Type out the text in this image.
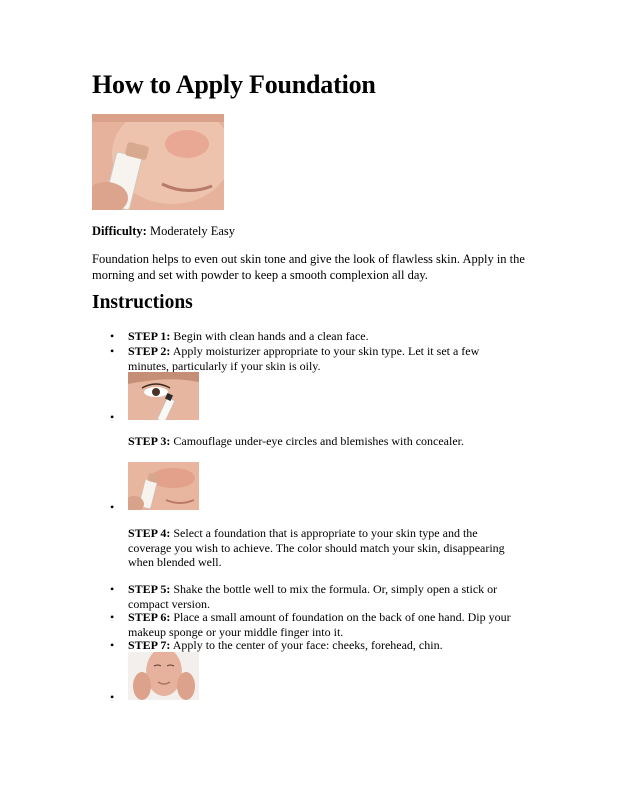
How to Apply Foundation

Difficulty: Moderately Easy

Foundation helps to even out skin tone and give the look of flawless skin. Apply in the morning and set with powder to keep a smooth complexion all day.

Instructions
• STEP 1: Begin with clean hands and a clean face.
• STEP 2: Apply moisturizer appropriate to your skin type. Let it set a few minutes, particularly if your skin is oily.
•
STEP 3: Camouflage under-eye circles and blemishes with concealer.
•
STEP 4: Select a foundation that is appropriate to your skin type and the coverage you wish to achieve. The color should match your skin, disappearing when blended well.
• STEP 5: Shake the bottle well to mix the formula. Or, simply open a stick or compact version.
• STEP 6: Place a small amount of foundation on the back of one hand. Dip your makeup sponge or your middle finger into it.
• STEP 7: Apply to the center of your face: cheeks, forehead, chin.
•
